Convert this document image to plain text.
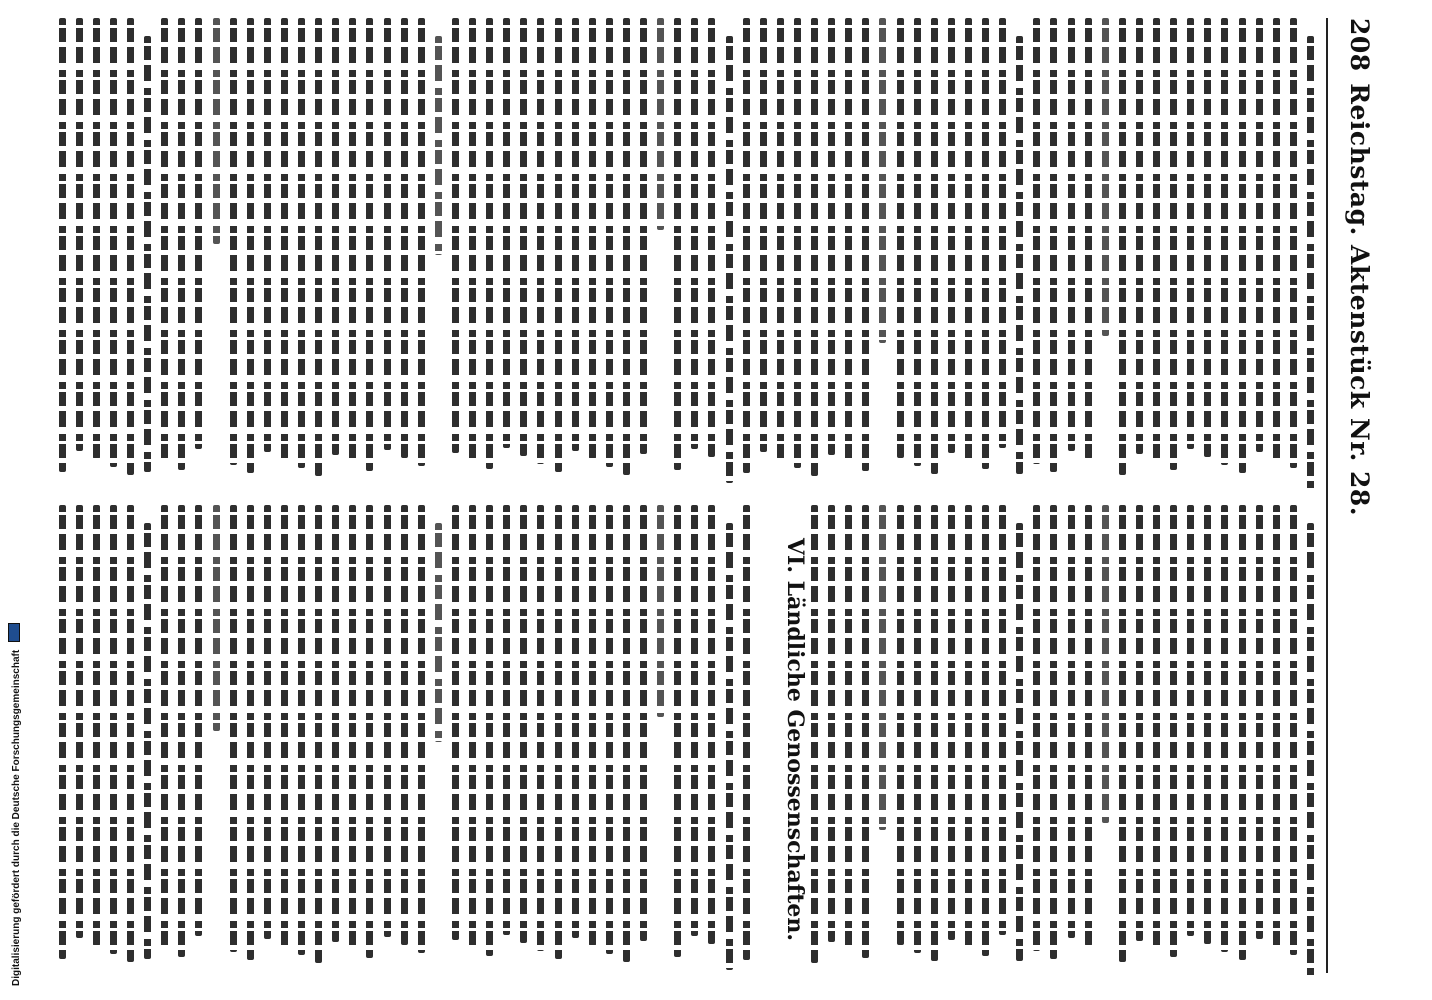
208 Reichstag. Aktenstück Nr. 28.
VI. Ländliche Genossenschaften.
Digitalisierung gefördert durch die Deutsche Forschungsgemeinschaft
